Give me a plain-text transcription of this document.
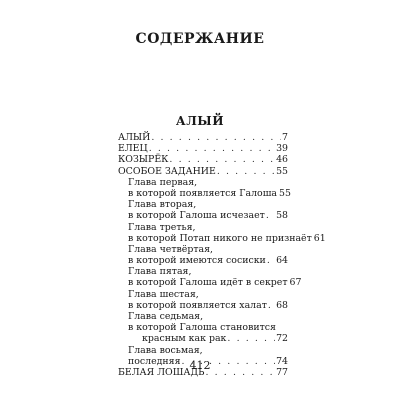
СОДЕРЖАНИЕ
АЛЫЙ
АЛЫЙ . . .	7
ЕЛЕЦ . . .	39
КОЗЫРЁК . . .	46
ОСОБОЕ ЗАДАНИЕ . . .	55
Глава первая,
в которой появляется Галоша 55
Глава вторая,
в которой Галоша исчезает . . . 58
Глава третья,
в которой Потап никого не признаёт 61
Глава четвёртая,
в которой имеются сосиски . . . 64
Глава пятая,
в которой Галоша идёт в секрет 67
Глава шестая,
в которой появляется халат . . . 68
Глава седьмая,
в которой Галоша становится
красным как рак . . .	72
Глава восьмая,
последняя . . .	74
БЕЛАЯ ЛОШАДЬ . . .	77
412
